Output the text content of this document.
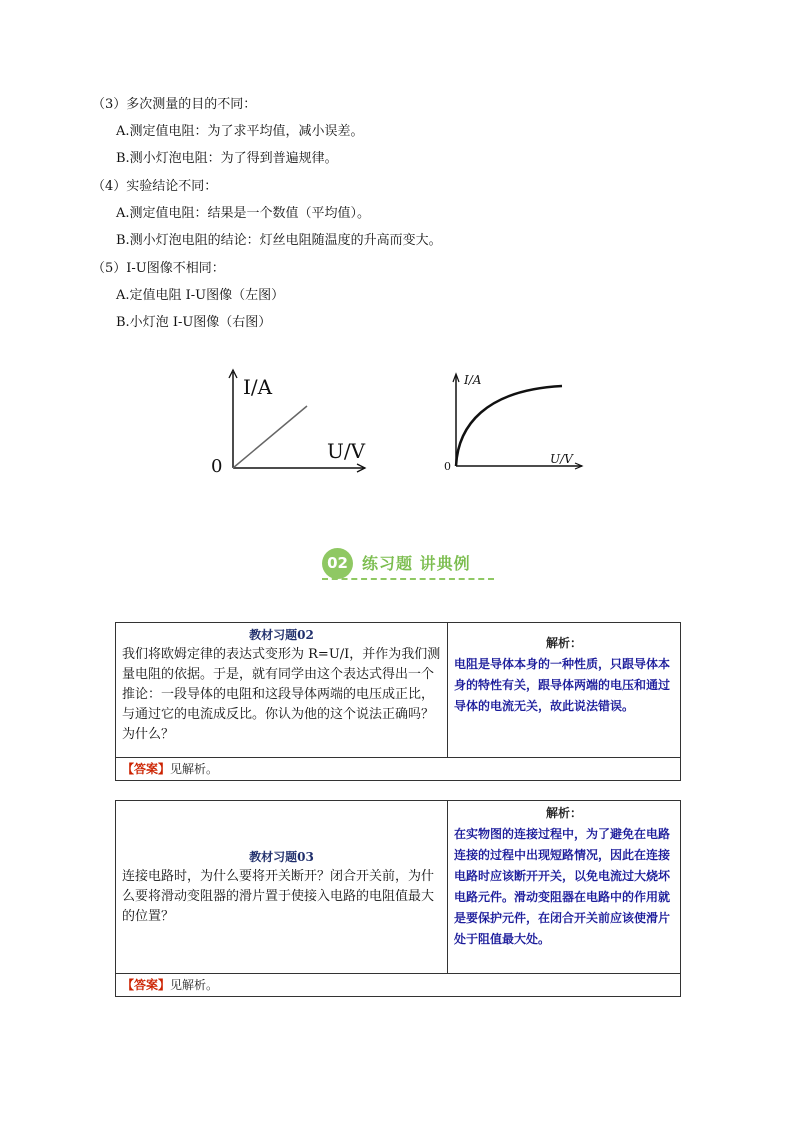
（3）多次测量的目的不同：
A.测定值电阻：为了求平均值，减小误差。
B.测小灯泡电阻：为了得到普遍规律。
（4）实验结论不同：
A.测定值电阻：结果是一个数值（平均值）。
B.测小灯泡电阻的结论：灯丝电阻随温度的升高而变大。
（5）I-U图像不相同：
A.定值电阻 I-U图像（左图）
B.小灯泡 I-U图像（右图）
I/A
U/V
0
I/A
U/V
0
02 练习题 讲典例
教材习题02
我们将欧姆定律的表达式变形为 R=U/I，并作为我们测量电阻的依据。于是，就有同学由这个表达式得出一个推论：一段导体的电阻和这段导体两端的电压成正比，与通过它的电流成反比。你认为他的这个说法正确吗？为什么？	
解析：
电阻是导体本身的一种性质，只跟导体本身的特性有关，跟导体两端的电压和通过导体的电流无关，故此说法错误。
【答案】见解析。
教材习题03
连接电路时，为什么要将开关断开？闭合开关前，为什么要将滑动变阻器的滑片置于使接入电路的电阻值最大的位置？	
解析：
在实物图的连接过程中，为了避免在电路连接的过程中出现短路情况，因此在连接电路时应该断开开关，以免电流过大烧坏电路元件。滑动变阻器在电路中的作用就是要保护元件，在闭合开关前应该使滑片处于阻值最大处。
【答案】见解析。
